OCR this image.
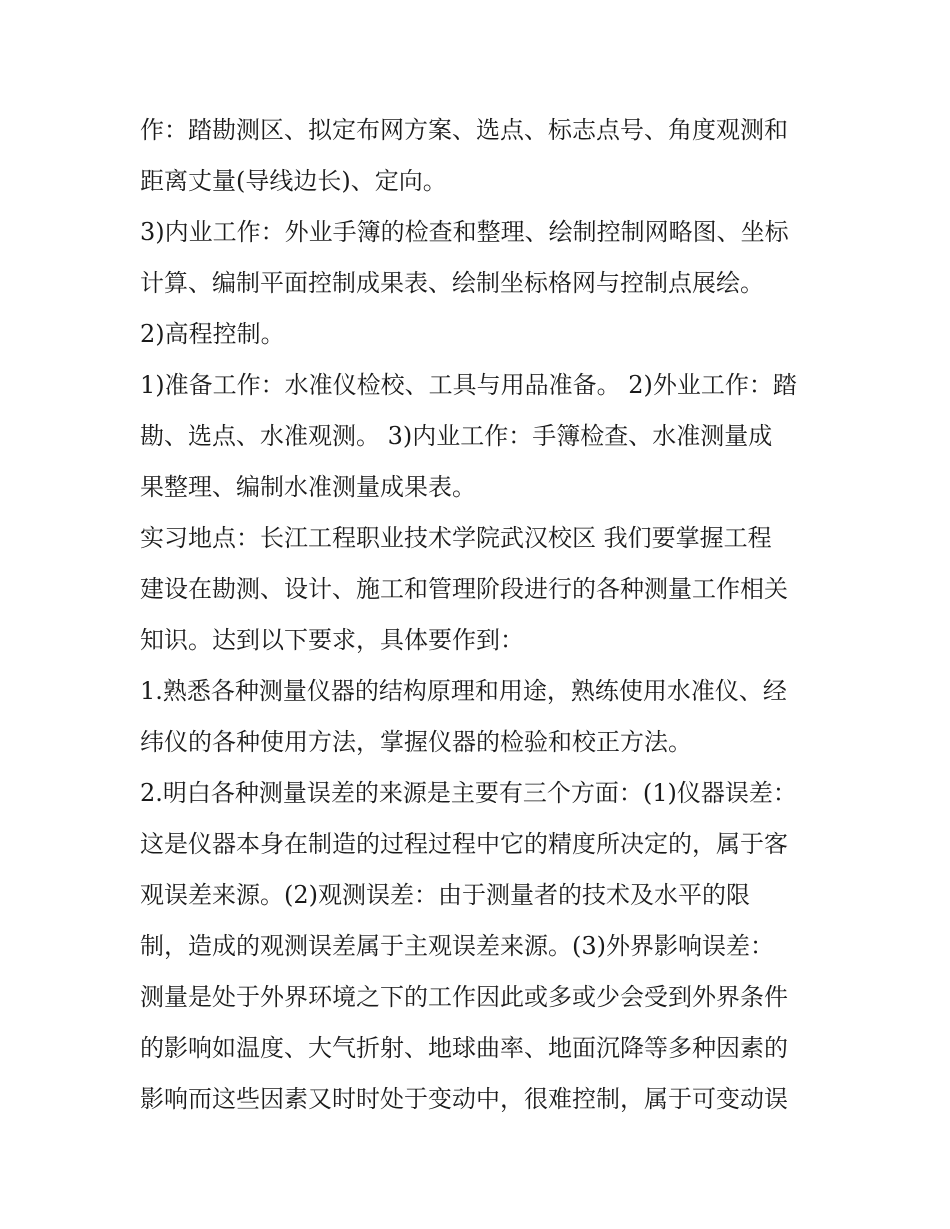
作：踏勘测区、拟定布网方案、选点、标志点号、角度观测和
距离丈量(导线边长)、定向。
3)内业工作：外业手簿的检查和整理、绘制控制网略图、坐标
计算、编制平面控制成果表、绘制坐标格网与控制点展绘。
2)高程控制。
1)准备工作：水准仪检校、工具与用品准备。 2)外业工作：踏
勘、选点、水准观测。 3)内业工作：手簿检查、水准测量成
果整理、编制水准测量成果表。
实习地点：长江工程职业技术学院武汉校区 我们要掌握工程
建设在勘测、设计、施工和管理阶段进行的各种测量工作相关
知识。达到以下要求，具体要作到：
1.熟悉各种测量仪器的结构原理和用途，熟练使用水准仪、经
纬仪的各种使用方法，掌握仪器的检验和校正方法。
2.明白各种测量误差的来源是主要有三个方面：(1)仪器误差：
这是仪器本身在制造的过程过程中它的精度所决定的，属于客
观误差来源。(2)观测误差：由于测量者的技术及水平的限
制，造成的观测误差属于主观误差来源。(3)外界影响误差：
测量是处于外界环境之下的工作因此或多或少会受到外界条件
的影响如温度、大气折射、地球曲率、地面沉降等多种因素的
影响而这些因素又时时处于变动中，很难控制，属于可变动误
